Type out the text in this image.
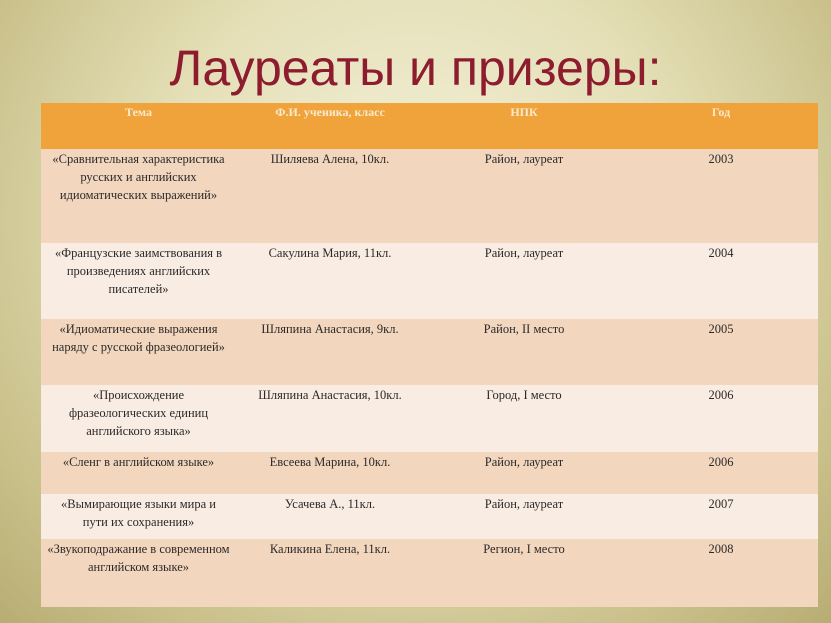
Лауреаты и призеры:
Тема	Ф.И. ученика, класс	НПК	Год
«Сравнительная характеристика русских и английских идиоматических выражений»	Шиляева Алена, 10кл.	Район, лауреат	2003
«Французские заимствования в произведениях английских писателей»	Сакулина Мария, 11кл.	Район, лауреат	2004
«Идиоматические выражения наряду с русской фразеологией»	Шляпина Анастасия, 9кл.	Район, II место	2005
«Происхождение фразеологических единиц английского языка»	Шляпина Анастасия, 10кл.	Город, I место	2006
«Сленг в английском языке»	Евсеева Марина, 10кл.	Район, лауреат	2006
«Вымирающие языки мира и пути их сохранения»	Усачева А., 11кл.	Район, лауреат	2007
«Звукоподражание в современном английском языке»	Каликина Елена, 11кл.	Регион, I место	2008
